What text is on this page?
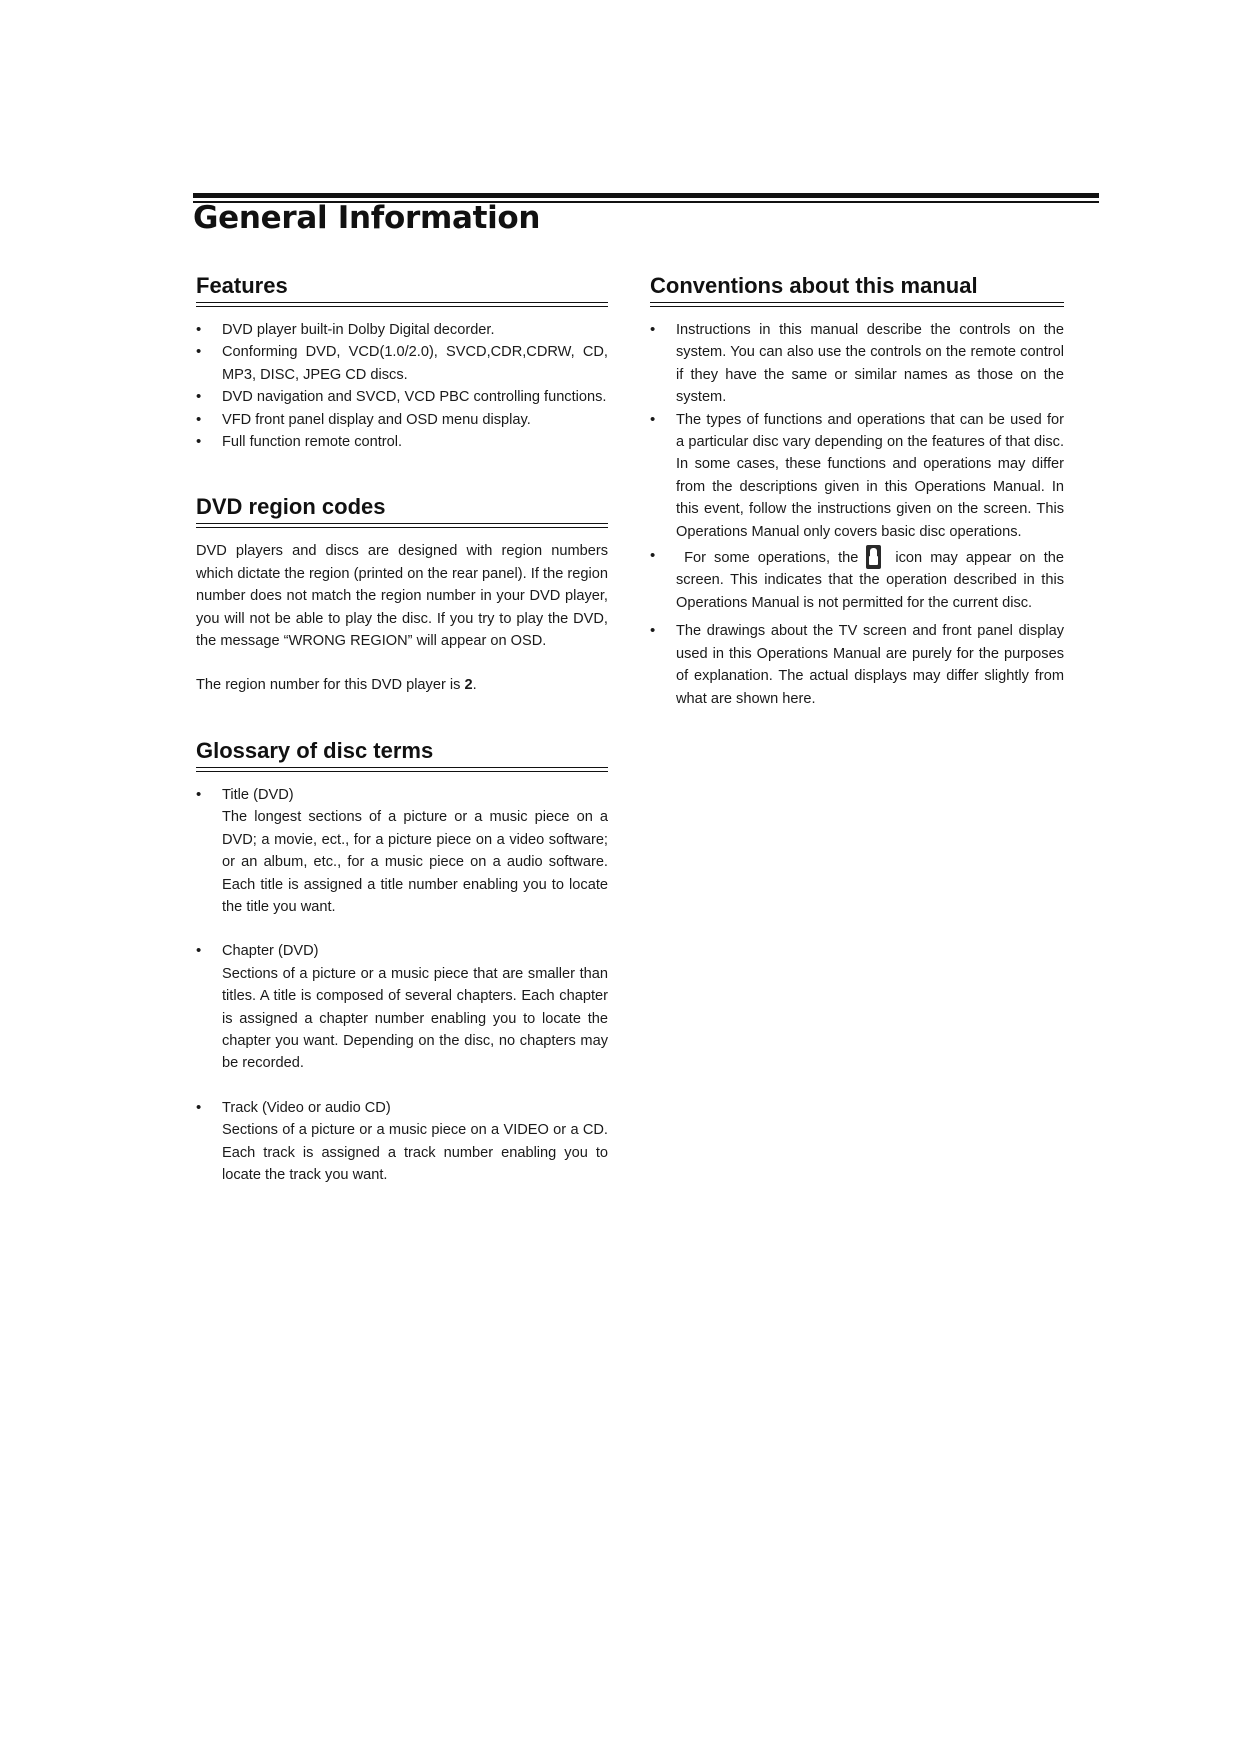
General Information
Features
• DVD player built-in Dolby Digital decorder.
• Conforming DVD, VCD(1.0/2.0), SVCD,CDR,CDRW, CD, MP3, DISC, JPEG CD discs.
• DVD navigation and SVCD, VCD PBC controlling functions.
• VFD front panel display and OSD menu display.
• Full function remote control.
DVD region codes

DVD players and discs are designed with region numbers which dictate the region (printed on the rear panel). If the region number does not match the region number in your DVD player, you will not be able to play the disc. If you try to play the DVD, the message “WRONG REGION” will appear on OSD.

The region number for this DVD player is 2.

Glossary of disc terms
• Title (DVD)
The longest sections of a picture or a music piece on a DVD; a movie, ect., for a picture piece on a video software; or an album, etc., for a music piece on a audio software. Each title is assigned a title number enabling you to locate the title you want.
• Chapter (DVD)
Sections of a picture or a music piece that are smaller than titles. A title is composed of several chapters. Each chapter is assigned a chapter number enabling you to locate the chapter you want. Depending on the disc, no chapters may be recorded.
• Track (Video or audio CD)
Sections of a picture or a music piece on a VIDEO or a CD. Each track is assigned a track number enabling you to locate the track you want.
Conventions about this manual
• Instructions in this manual describe the controls on the system. You can also use the controls on the remote control if they have the same or similar names as those on the system.
• The types of functions and operations that can be used for a particular disc vary depending on the features of that disc. In some cases, these functions and operations may differ from the descriptions given in this Operations Manual. In this event, follow the instructions given on the screen. This Operations Manual only covers basic disc operations.
• For some operations, the	icon may appear on the screen. This indicates that the operation described in this Operations Manual is not permitted for the current disc.
• The drawings about the TV screen and front panel display used in this Operations Manual are purely for the purposes of explanation. The actual displays may differ slightly from what are shown here.
